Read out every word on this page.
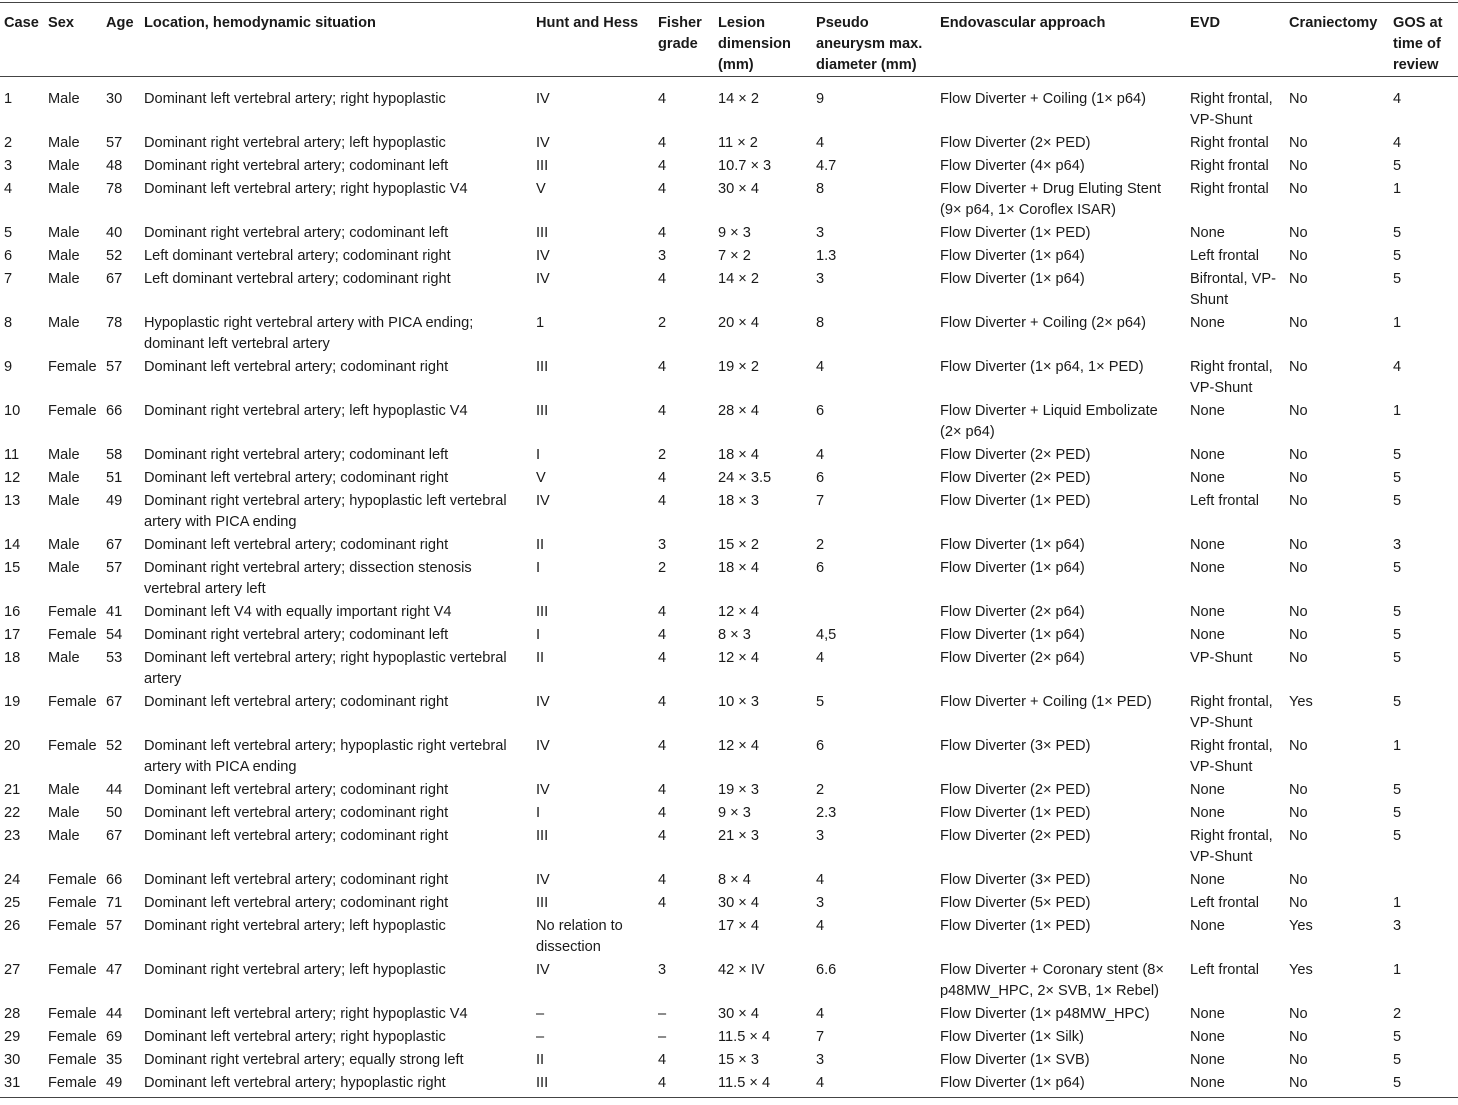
Case	Sex	Age	Location, hemodynamic situation	Hunt and Hess	Fisher grade	Lesion dimension (mm)	Pseudo aneurysm max. diameter (mm)	Endovascular approach	EVD	Craniectomy	GOS at time of review
1	Male	30	Dominant left vertebral artery; right hypoplastic	IV	4	14 × 2	9	Flow Diverter + Coiling (1× p64)	Right frontal, VP-Shunt	No	4
2	Male	57	Dominant right vertebral artery; left hypoplastic	IV	4	11 × 2	4	Flow Diverter (2× PED)	Right frontal	No	4
3	Male	48	Dominant right vertebral artery; codominant left	III	4	10.7 × 3	4.7	Flow Diverter (4× p64)	Right frontal	No	5
4	Male	78	Dominant left vertebral artery; right hypoplastic V4	V	4	30 × 4	8	Flow Diverter + Drug Eluting Stent (9× p64, 1× Coroflex ISAR)	Right frontal	No	1
5	Male	40	Dominant right vertebral artery; codominant left	III	4	9 × 3	3	Flow Diverter (1× PED)	None	No	5
6	Male	52	Left dominant vertebral artery; codominant right	IV	3	7 × 2	1.3	Flow Diverter (1× p64)	Left frontal	No	5
7	Male	67	Left dominant vertebral artery; codominant right	IV	4	14 × 2	3	Flow Diverter (1× p64)	Bifrontal, VP-Shunt	No	5
8	Male	78	Hypoplastic right vertebral artery with PICA ending; dominant left vertebral artery	1	2	20 × 4	8	Flow Diverter + Coiling (2× p64)	None	No	1
9	Female	57	Dominant left vertebral artery; codominant right	III	4	19 × 2	4	Flow Diverter (1× p64, 1× PED)	Right frontal, VP-Shunt	No	4
10	Female	66	Dominant right vertebral artery; left hypoplastic V4	III	4	28 × 4	6	Flow Diverter + Liquid Embolizate (2× p64)	None	No	1
11	Male	58	Dominant right vertebral artery; codominant left	I	2	18 × 4	4	Flow Diverter (2× PED)	None	No	5
12	Male	51	Dominant left vertebral artery; codominant right	V	4	24 × 3.5	6	Flow Diverter (2× PED)	None	No	5
13	Male	49	Dominant right vertebral artery; hypoplastic left vertebral artery with PICA ending	IV	4	18 × 3	7	Flow Diverter (1× PED)	Left frontal	No	5
14	Male	67	Dominant left vertebral artery; codominant right	II	3	15 × 2	2	Flow Diverter (1× p64)	None	No	3
15	Male	57	Dominant right vertebral artery; dissection stenosis vertebral artery left	I	2	18 × 4	6	Flow Diverter (1× p64)	None	No	5
16	Female	41	Dominant left V4 with equally important right V4	III	4	12 × 4		Flow Diverter (2× p64)	None	No	5
17	Female	54	Dominant right vertebral artery; codominant left	I	4	8 × 3	4,5	Flow Diverter (1× p64)	None	No	5
18	Male	53	Dominant left vertebral artery; right hypoplastic vertebral artery	II	4	12 × 4	4	Flow Diverter (2× p64)	VP-Shunt	No	5
19	Female	67	Dominant left vertebral artery; codominant right	IV	4	10 × 3	5	Flow Diverter + Coiling (1× PED)	Right frontal, VP-Shunt	Yes	5
20	Female	52	Dominant left vertebral artery; hypoplastic right vertebral artery with PICA ending	IV	4	12 × 4	6	Flow Diverter (3× PED)	Right frontal, VP-Shunt	No	1
21	Male	44	Dominant left vertebral artery; codominant right	IV	4	19 × 3	2	Flow Diverter (2× PED)	None	No	5
22	Male	50	Dominant left vertebral artery; codominant right	I	4	9 × 3	2.3	Flow Diverter (1× PED)	None	No	5
23	Male	67	Dominant left vertebral artery; codominant right	III	4	21 × 3	3	Flow Diverter (2× PED)	Right frontal, VP-Shunt	No	5
24	Female	66	Dominant left vertebral artery; codominant right	IV	4	8 × 4	4	Flow Diverter (3× PED)	None	No	
25	Female	71	Dominant left vertebral artery; codominant right	III	4	30 × 4	3	Flow Diverter (5× PED)	Left frontal	No	1
26	Female	57	Dominant right vertebral artery; left hypoplastic	No relation to dissection		17 × 4	4	Flow Diverter (1× PED)	None	Yes	3
27	Female	47	Dominant right vertebral artery; left hypoplastic	IV	3	42 × IV	6.6	Flow Diverter + Coronary stent (8× p48MW_HPC, 2× SVB, 1× Rebel)	Left frontal	Yes	1
28	Female	44	Dominant left vertebral artery; right hypoplastic V4	–	–	30 × 4	4	Flow Diverter (1× p48MW_HPC)	None	No	2
29	Female	69	Dominant left vertebral artery; right hypoplastic	–	–	11.5 × 4	7	Flow Diverter (1× Silk)	None	No	5
30	Female	35	Dominant right vertebral artery; equally strong left	II	4	15 × 3	3	Flow Diverter (1× SVB)	None	No	5
31	Female	49	Dominant left vertebral artery; hypoplastic right	III	4	11.5 × 4	4	Flow Diverter (1× p64)	None	No	5
